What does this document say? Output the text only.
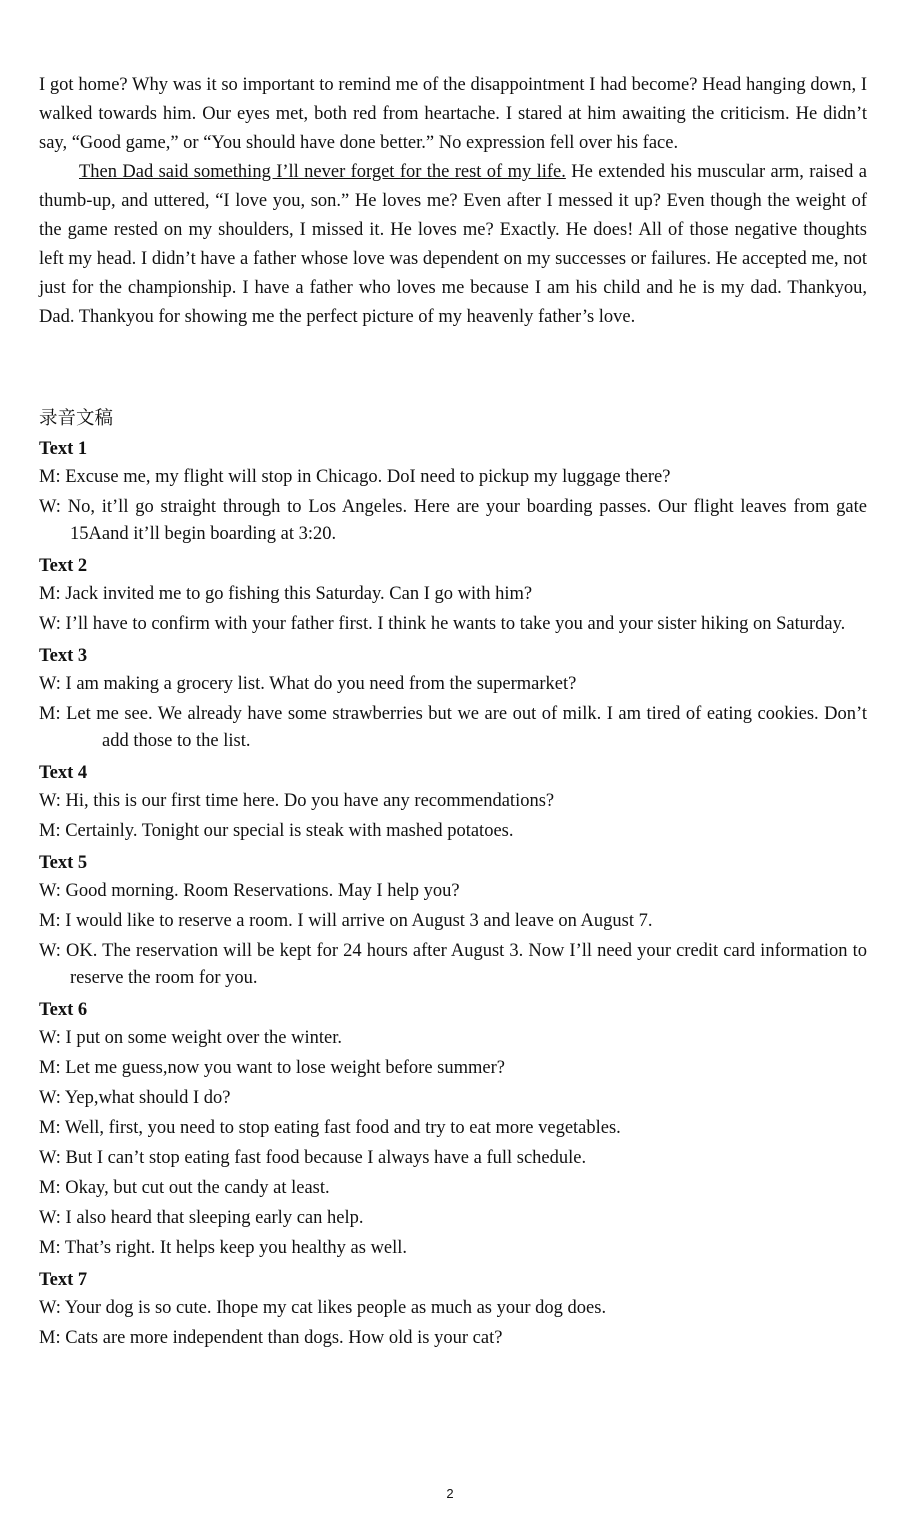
I got home? Why was it so important to remind me of the disappointment I had become? Head hanging down, I walked towards him. Our eyes met, both red from heartache. I stared at him awaiting the criticism. He didn’t say, “Good game,” or “You should have done better.” No expression fell over his face.

Then Dad said something I’ll never forget for the rest of my life. He extended his muscular arm, raised a thumb-up, and uttered, “I love you, son.” He loves me? Even after I messed it up? Even though the weight of the game rested on my shoulders, I missed it. He loves me? Exactly. He does! All of those negative thoughts left my head. I didn’t have a father whose love was dependent on my successes or failures. He accepted me, not just for the championship. I have a father who loves me because I am his child and he is my dad. Thankyou, Dad. Thankyou for showing me the perfect picture of my heavenly father’s love.

录音文稿

Text 1

M: Excuse me, my flight will stop in Chicago. DoI need to pickup my luggage there?

W: No, it’ll go straight through to Los Angeles. Here are your boarding passes. Our flight leaves from gate 15Aand it’ll begin boarding at 3:20.

Text 2

M: Jack invited me to go fishing this Saturday. Can I go with him?

W: I’ll have to confirm with your father first. I think he wants to take you and your sister hiking on Saturday.

Text 3

W: I am making a grocery list. What do you need from the supermarket?

M: Let me see. We already have some strawberries but we are out of milk. I am tired of eating cookies. Don’t add those to the list.

Text 4

W: Hi, this is our first time here. Do you have any recommendations?

M: Certainly. Tonight our special is steak with mashed potatoes.

Text 5

W: Good morning. Room Reservations. May I help you?

M: I would like to reserve a room. I will arrive on August 3 and leave on August 7.

W: OK. The reservation will be kept for 24 hours after August 3. Now I’ll need your credit card information to reserve the room for you.

Text 6

W: I put on some weight over the winter.

M: Let me guess,now you want to lose weight before summer?

W: Yep,what should I do?

M: Well, first, you need to stop eating fast food and try to eat more vegetables.

W: But I can’t stop eating fast food because I always have a full schedule.

M: Okay, but cut out the candy at least.

W: I also heard that sleeping early can help.

M: That’s right. It helps keep you healthy as well.

Text 7

W: Your dog is so cute. Ihope my cat likes people as much as your dog does.

M: Cats are more independent than dogs. How old is your cat?

2
